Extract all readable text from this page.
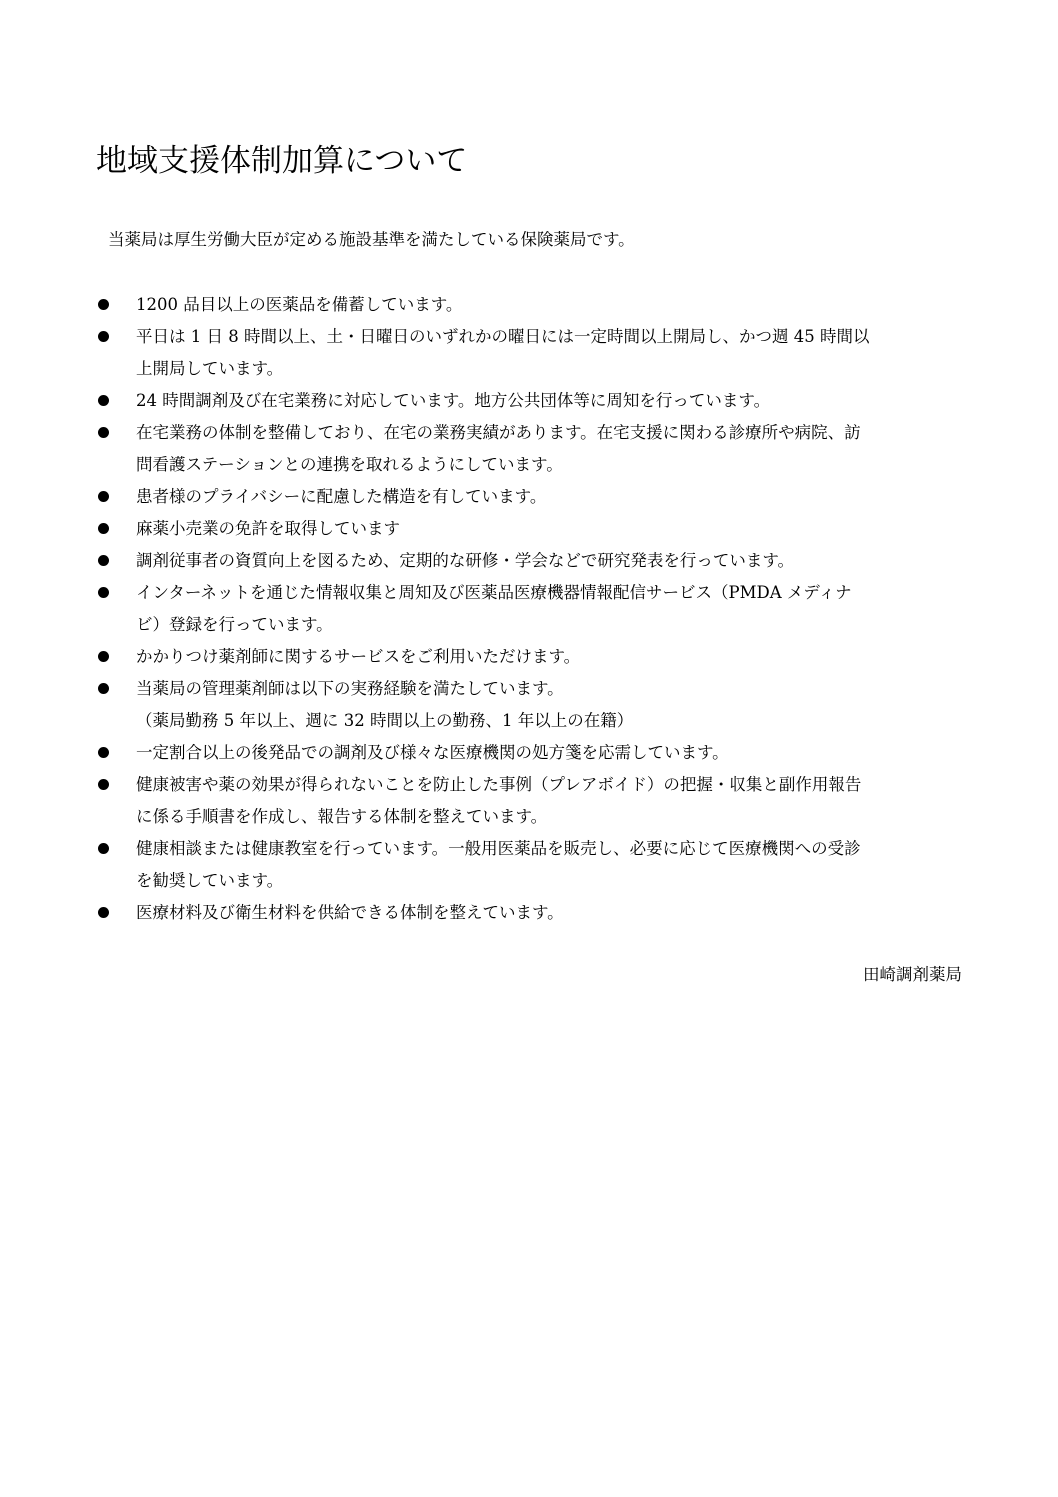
地域支援体制加算について

当薬局は厚生労働大臣が定める施設基準を満たしている保険薬局です。

1200 品目以上の医薬品を備蓄しています。
平日は 1 日 8 時間以上、土・日曜日のいずれかの曜日には一定時間以上開局し、かつ週 45 時間以
上開局しています。
24 時間調剤及び在宅業務に対応しています。地方公共団体等に周知を行っています。
在宅業務の体制を整備しており、在宅の業務実績があります。在宅支援に関わる診療所や病院、訪
問看護ステーションとの連携を取れるようにしています。
患者様のプライバシーに配慮した構造を有しています。
麻薬小売業の免許を取得しています
調剤従事者の資質向上を図るため、定期的な研修・学会などで研究発表を行っています。
インターネットを通じた情報収集と周知及び医薬品医療機器情報配信サービス（PMDA メディナ
ビ）登録を行っています。
かかりつけ薬剤師に関するサービスをご利用いただけます。
当薬局の管理薬剤師は以下の実務経験を満たしています。
（薬局勤務 5 年以上、週に 32 時間以上の勤務、1 年以上の在籍）
一定割合以上の後発品での調剤及び様々な医療機関の処方箋を応需しています。
健康被害や薬の効果が得られないことを防止した事例（プレアボイド）の把握・収集と副作用報告
に係る手順書を作成し、報告する体制を整えています。
健康相談または健康教室を行っています。一般用医薬品を販売し、必要に応じて医療機関への受診
を勧奨しています。
医療材料及び衛生材料を供給できる体制を整えています。

田崎調剤薬局
